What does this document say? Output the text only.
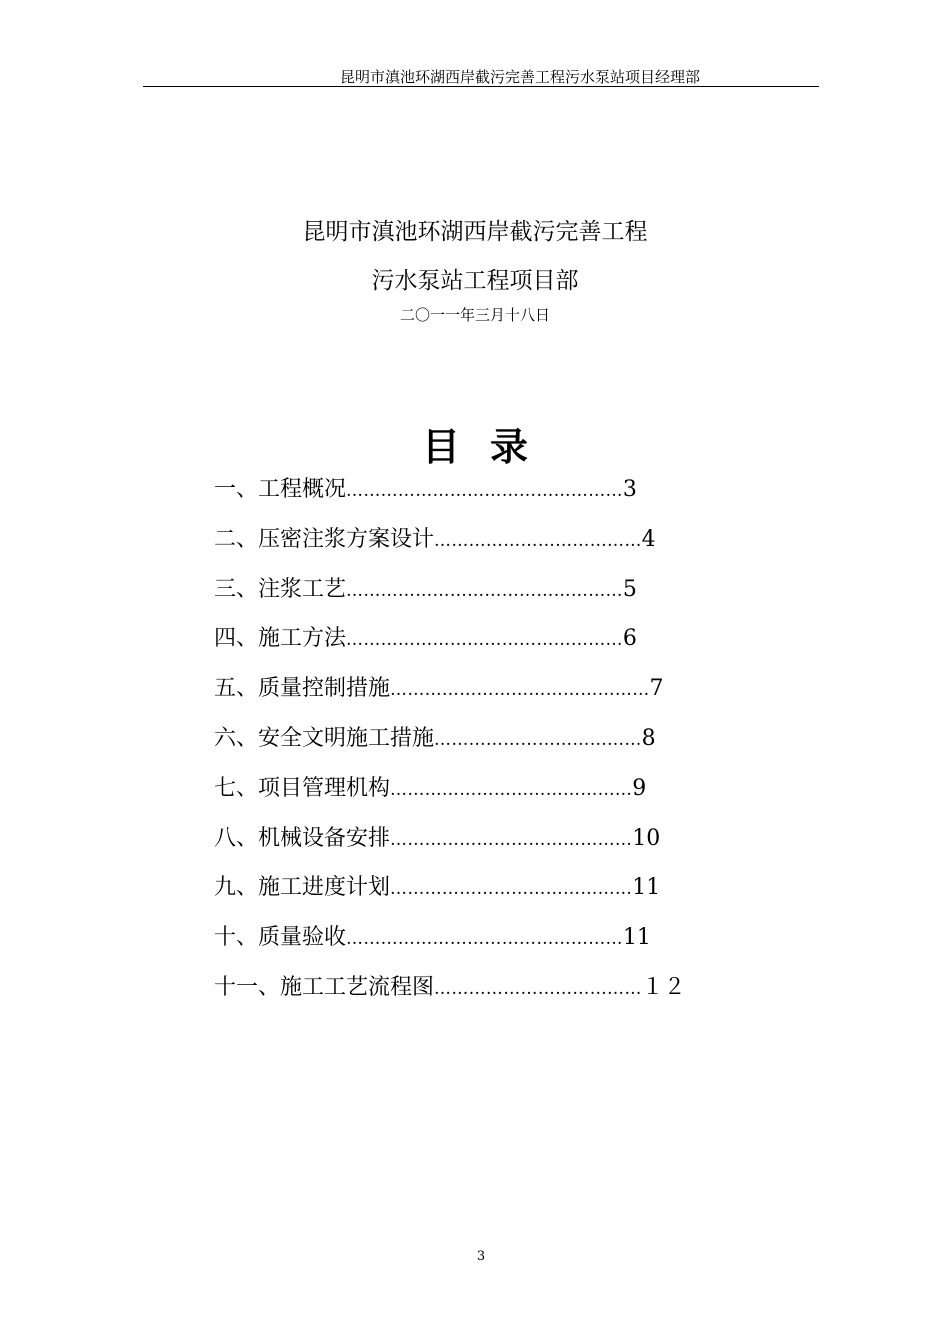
昆明市滇池环湖西岸截污完善工程污水泵站项目经理部
昆明市滇池环湖西岸截污完善工程
污水泵站工程项目部
二〇一一年三月十八日
目录
一、工程概况 ………………………………………… 3
二、压密注浆方案设计 ……………………………… 4
三、注浆工艺 ………………………………………… 5
四、施工方法 ………………………………………… 6
五、质量控制措施 ……………………………………… 7
六、安全文明施工措施 ……………………………… 8
七、项目管理机构 …………………………………… 9
八、机械设备安排 …………………………………… 10
九、施工进度计划 …………………………………… 11
十、质量验收 ………………………………………… 11
十一、施工工艺流程图 ……………………………… １２
3
